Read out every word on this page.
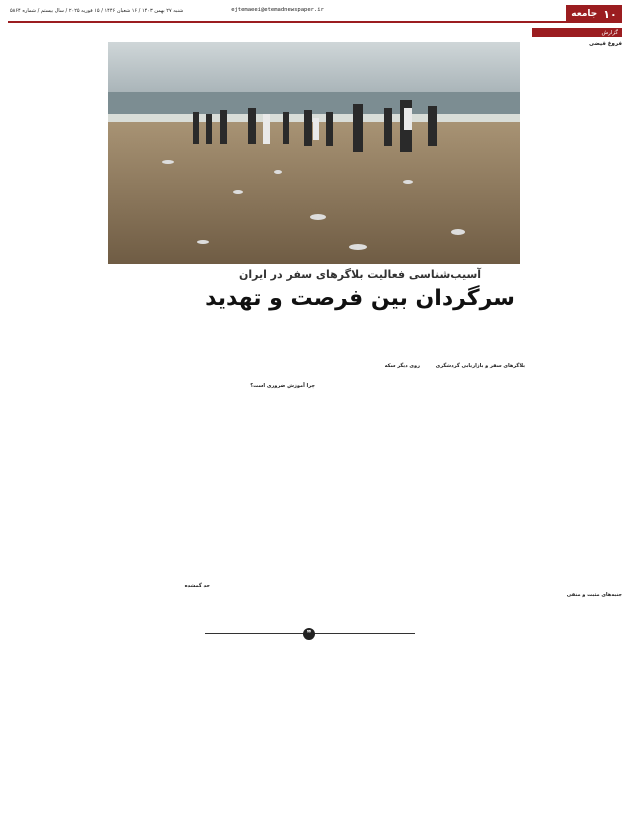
۱۰
جامعه
ejtemaeei@etemadnewspaper.ir
شنبه ۲۷ بهمن ۱۴۰۳ / ۱۶ شعبان ۱۴۴۶ / ۱۵ فوریه ۲۰۲۵ / سال بیستم / شماره ۵۸۶۴
گزارش
فروغ فیضی
جنبه‌های مثبت و منفی
آسیب‌شناسی فعالیت بلاگرهای سفر در ایران
سرگردان بین فرصت و تهدید
بلاگرهای سفر و بازاریابی گردشگری
روی دیگر سکه
چرا آموزش ضروری است؟
حد گمشده
❞
